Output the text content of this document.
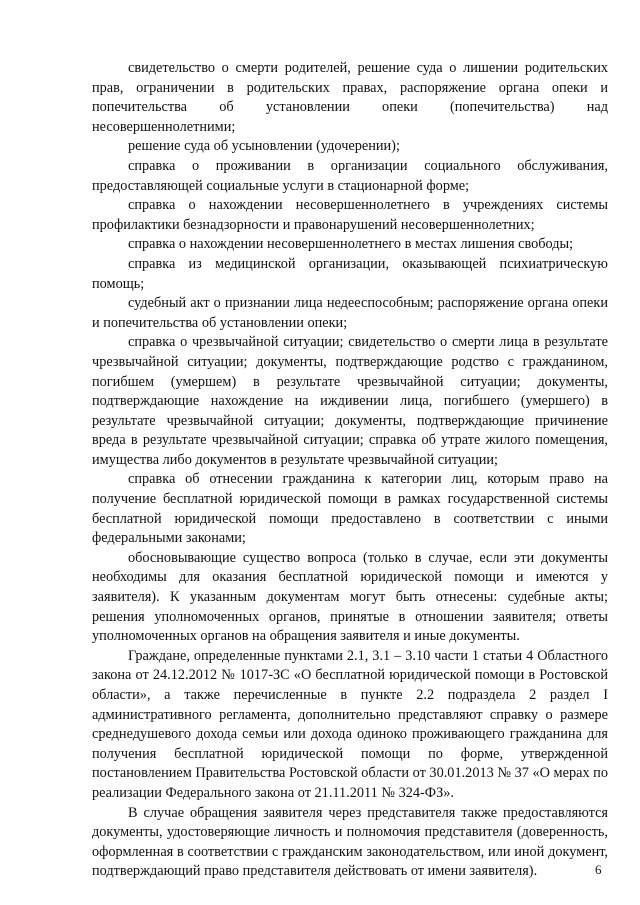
свидетельство о смерти родителей, решение суда о лишении родительских прав, ограничении в родительских правах, распоряжение органа опеки и попечительства об установлении опеки (попечительства) над несовершеннолетними;

решение суда об усыновлении (удочерении);

справка о проживании в организации социального обслуживания, предоставляющей социальные услуги в стационарной форме;

справка о нахождении несовершеннолетнего в учреждениях системы профилактики безнадзорности и правонарушений несовершеннолетних;

справка о нахождении несовершеннолетнего в местах лишения свободы;

справка из медицинской организации, оказывающей психиатрическую помощь;

судебный акт о признании лица недееспособным; распоряжение органа опеки и попечительства об установлении опеки;

справка о чрезвычайной ситуации; свидетельство о смерти лица в результате чрезвычайной ситуации; документы, подтверждающие родство с гражданином, погибшем (умершем) в результате чрезвычайной ситуации; документы, подтверждающие нахождение на иждивении лица, погибшего (умершего) в результате чрезвычайной ситуации; документы, подтверждающие причинение вреда в результате чрезвычайной ситуации; справка об утрате жилого помещения, имущества либо документов в результате чрезвычайной ситуации;

справка об отнесении гражданина к категории лиц, которым право на получение бесплатной юридической помощи в рамках государственной системы бесплатной юридической помощи предоставлено в соответствии с иными федеральными законами;

обосновывающие существо вопроса (только в случае, если эти документы необходимы для оказания бесплатной юридической помощи и имеются у заявителя). К указанным документам могут быть отнесены: судебные акты; решения уполномоченных органов, принятые в отношении заявителя; ответы уполномоченных органов на обращения заявителя и иные документы.

Граждане, определенные пунктами 2.1, 3.1 – 3.10 части 1 статьи 4 Областного закона от 24.12.2012 № 1017-ЗС «О бесплатной юридической помощи в Ростовской области», а также перечисленные в пункте 2.2 подраздела 2 раздел I административного регламента, дополнительно представляют справку о размере среднедушевого дохода семьи или дохода одиноко проживающего гражданина для получения бесплатной юридической помощи по форме, утвержденной постановлением Правительства Ростовской области от 30.01.2013 № 37 «О мерах по реализации Федерального закона от 21.11.2011 № 324-ФЗ».

В случае обращения заявителя через представителя также предоставляются документы, удостоверяющие личность и полномочия представителя (доверенность, оформленная в соответствии с гражданским законодательством, или иной документ, подтверждающий право представителя действовать от имени заявителя).	6
